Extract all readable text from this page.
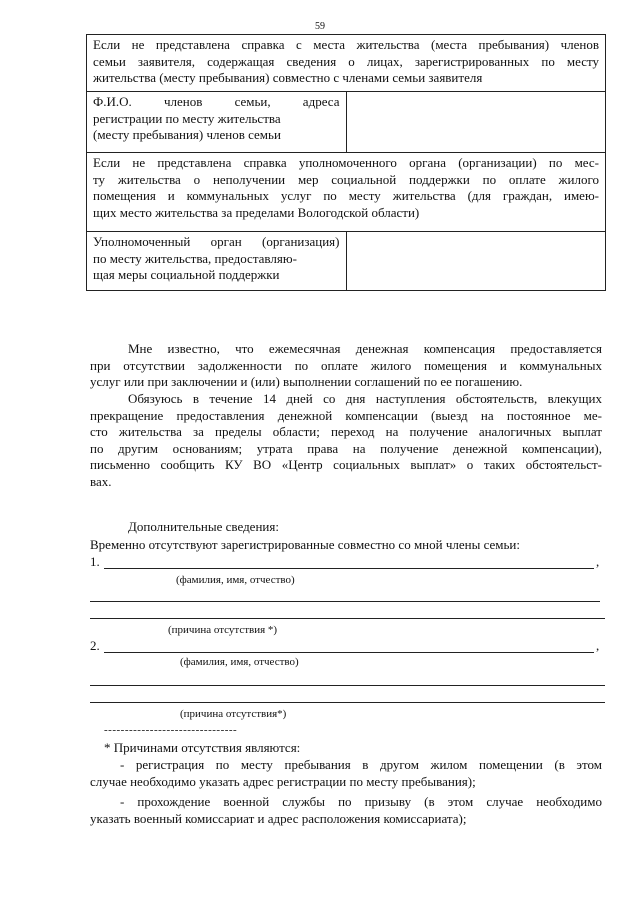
59
Если не представлена справка с места жительства (места пребывания) членов
семьи заявителя, содержащая сведения о лицах, зарегистрированных по месту
жительства (месту пребывания) совместно с членами семьи заявителя	

Ф.И.О. членов семьи, адреса
регистрации по месту жительства
(месту пребывания) членов семьи	

Если не представлена справка уполномоченного органа (организации) по мес-
ту жительства о неполучении мер социальной поддержки по оплате жилого
помещения и коммунальных услуг по месту жительства (для граждан, имею-
щих место жительства за пределами Вологодской области)	

Уполномоченный орган (организация)
по месту жительства, предоставляю-
щая меры социальной поддержки	

Мне известно, что ежемесячная денежная компенсация предоставляется
при отсутствии задолженности по оплате жилого помещения и коммунальных
услуг или при заключении и (или) выполнении соглашений по ее погашению.
Обязуюсь в течение 14 дней со дня наступления обстоятельств, влекущих
прекращение предоставления денежной компенсации (выезд на постоянное ме-
сто жительства за пределы области; переход на получение аналогичных выплат
по другим основаниям; утрата права на получение денежной компенсации),
письменно сообщить КУ ВО «Центр социальных выплат» о таких обстоятельст-
вах.
Дополнительные сведения:
Временно отсутствуют зарегистрированные совместно со мной члены семьи:
1.	,
(фамилия, имя, отчество)
(причина отсутствия *)
2.	,
(фамилия, имя, отчество)
(причина отсутствия*)
--------------------------------
* Причинами отсутствия являются:
- регистрация по месту пребывания в другом жилом помещении (в этом
случае необходимо указать адрес регистрации по месту пребывания);
- прохождение военной службы по призыву (в этом случае необходимо
указать военный комиссариат и адрес расположения комиссариата);
